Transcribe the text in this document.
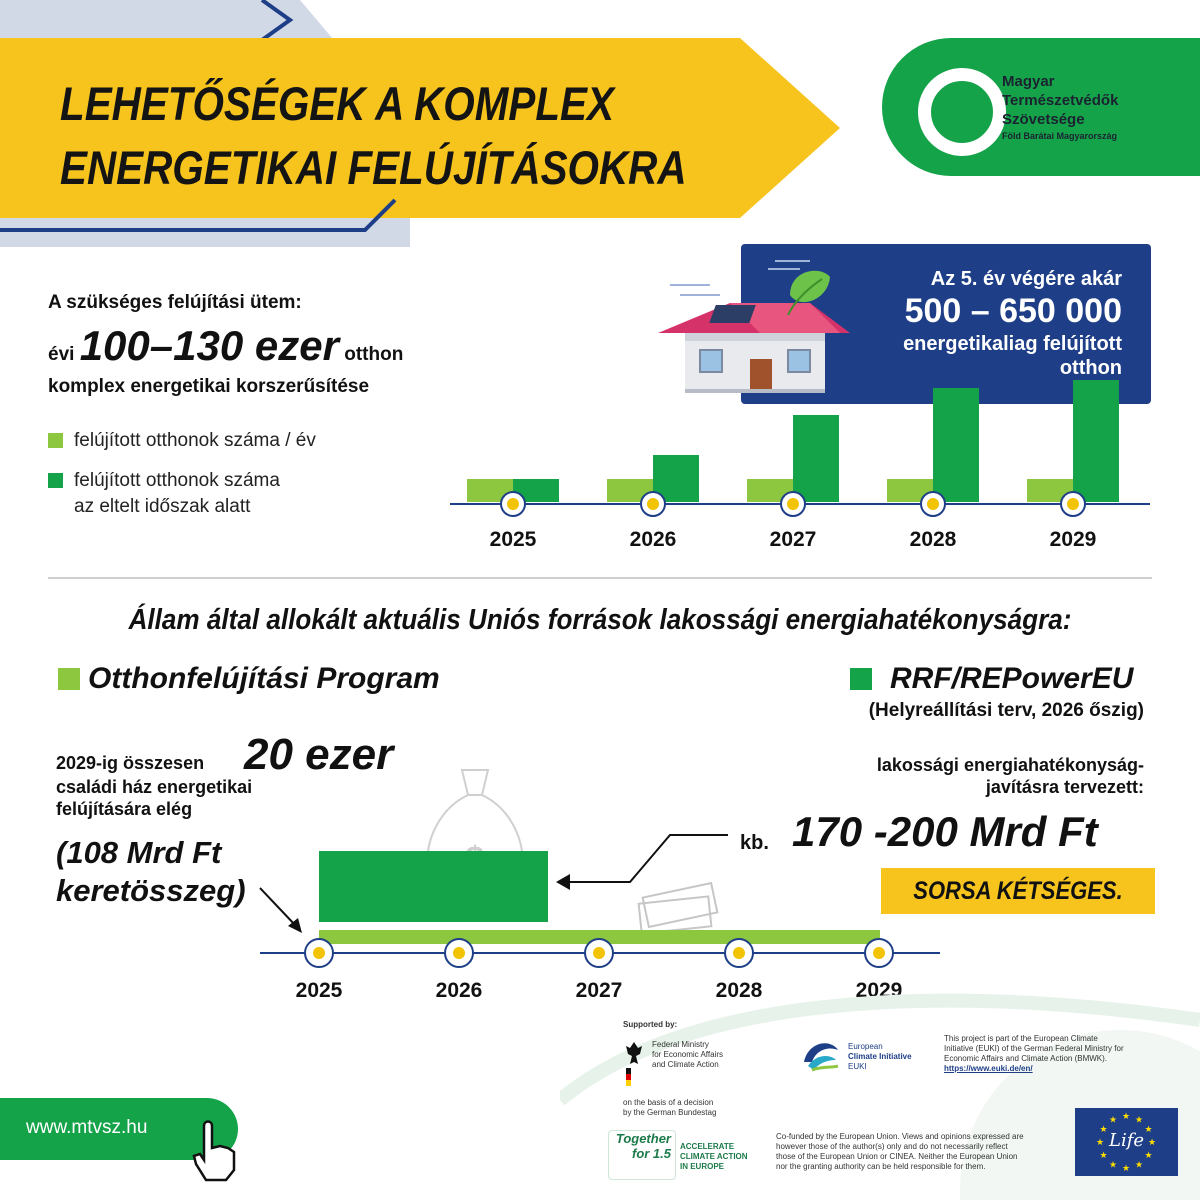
LEHETŐSÉGEK A KOMPLEX
ENERGETIKAI FELÚJÍTÁSOKRA
Magyar
Természetvédők
Szövetsége
Föld Barátai Magyarország
A szükséges felújítási ütem:
évi 100–130 ezer otthon
komplex energetikai korszerűsítése
felújított otthonok száma / év
felújított otthonok száma
az eltelt időszak alatt
Az 5. év végére akár
500 – 650 000
energetikaliag felújított
otthon
2025	2026	2027	2028	2029
Állam által allokált aktuális Uniós források lakossági energiahatékonyságra:
Otthonfelújítási Program	RRF/REPowerEU
(Helyreállítási terv, 2026 őszig)
2029-ig összesen 20 ezer
családi ház energetikai
felújítására elég
(108 Mrd Ft
keretösszeg)
lakossági energiahatékonyság-
javításra tervezett:
kb. 170 -200 Mrd Ft
SORSA KÉTSÉGES.
2025	2026	2027	2028	2029
www.mtvsz.hu
Supported by:
Federal Ministry
for Economic Affairs
and Climate Action
on the basis of a decision
by the German Bundestag
European
Climate Initiative
EUKI
This project is part of the European Climate
Initiative (EUKI) of the German Federal Ministry for
Economic Affairs and Climate Action (BMWK).
https://www.euki.de/en/
Together
for 1.5	ACCELERATE
CLIMATE ACTION
IN EUROPE
Co-funded by the European Union. Views and opinions expressed are
however those of the author(s) only and do not necessarily reflect
those of the European Union or CINEA. Neither the European Union
nor the granting authority can be held responsible for them.
★
★
★
★
★
★
★
★
★ ★ ★
★
Life
